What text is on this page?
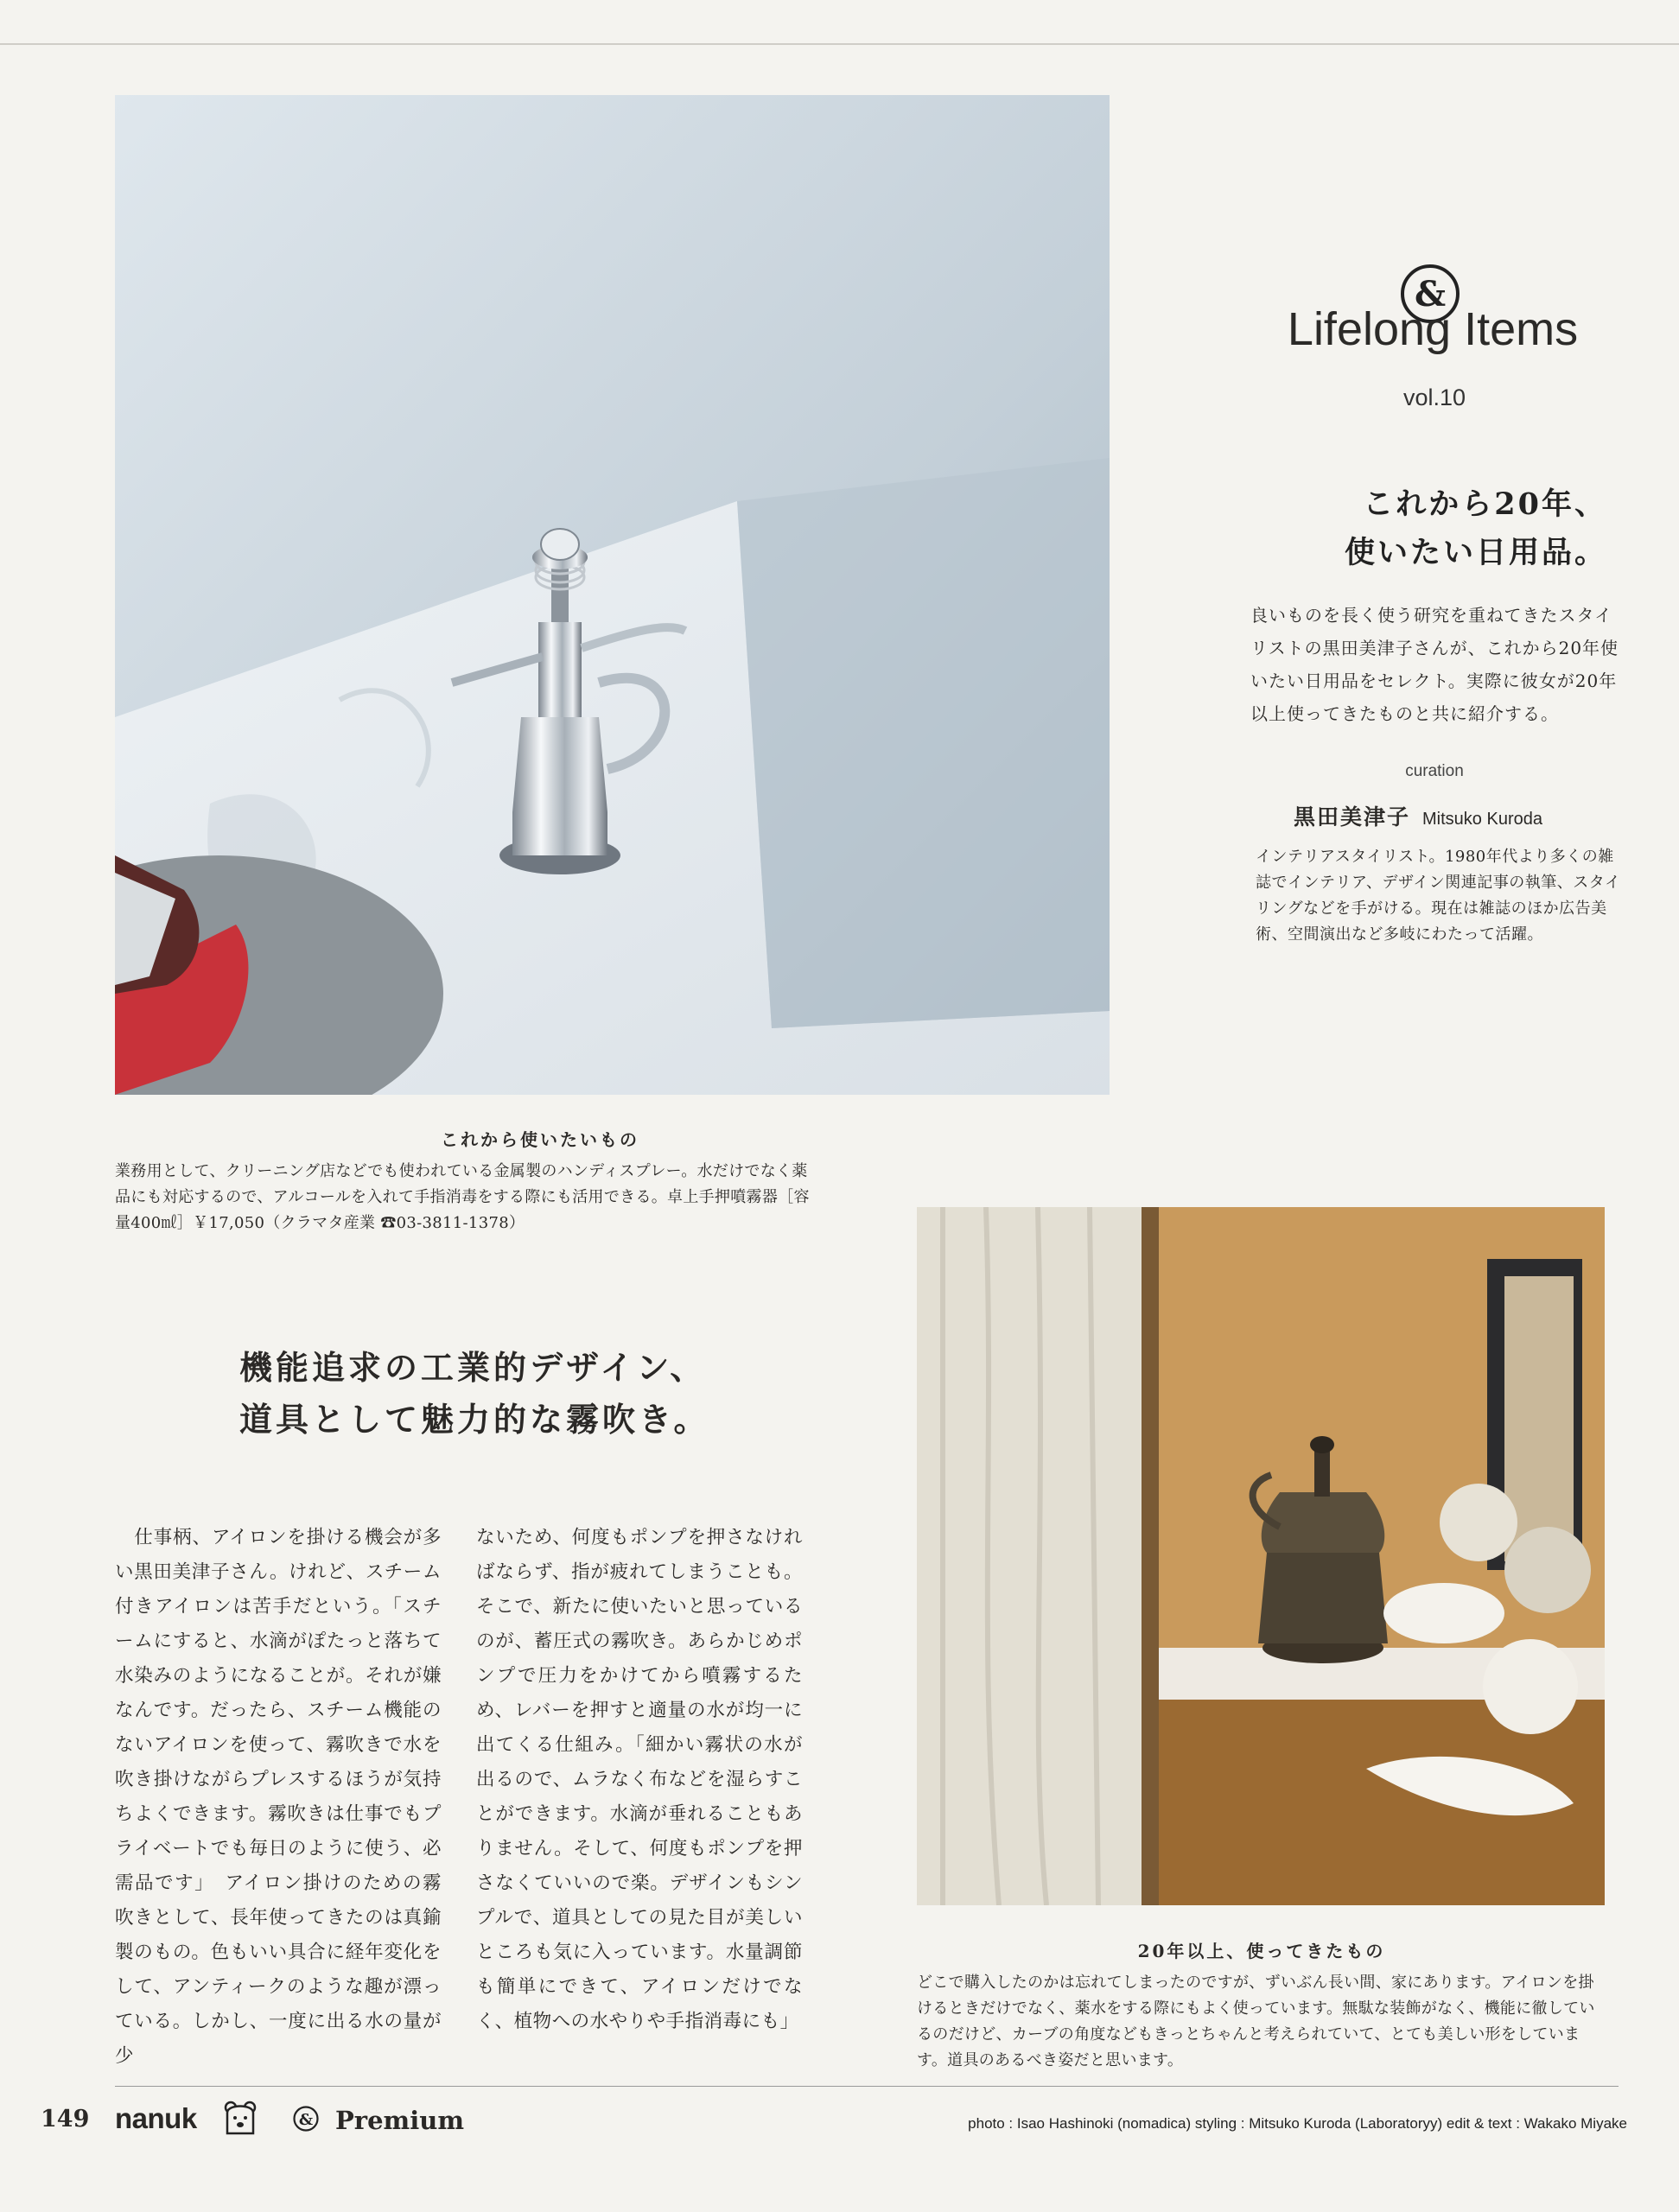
&
Lifelong Items
vol.10
これから20年、
使いたい日用品。
良いものを長く使う研究を重ねてきたスタイリストの黒田美津子さんが、これから20年使いたい日用品をセレクト。実際に彼女が20年以上使ってきたものと共に紹介する。
curation
黒田美津子 Mitsuko Kuroda
インテリアスタイリスト。1980年代より多くの雑誌でインテリア、デザイン関連記事の執筆、スタイリングなどを手がける。現在は雑誌のほか広告美術、空間演出など多岐にわたって活躍。
これから使いたいもの
業務用として、クリーニング店などでも使われている金属製のハンディスプレー。水だけでなく薬品にも対応するので、アルコールを入れて手指消毒をする際にも活用できる。卓上手押噴霧器［容量400㎖］￥17,050（クラマタ産業 ☎03-3811-1378）
機能追求の工業的デザイン、
道具として魅力的な霧吹き。
　仕事柄、アイロンを掛ける機会が多い黒田美津子さん。けれど、スチーム付きアイロンは苦手だという。「スチームにすると、水滴がぽたっと落ちて水染みのようになることが。それが嫌なんです。だったら、スチーム機能のないアイロンを使って、霧吹きで水を吹き掛けながらプレスするほうが気持ちよくできます。霧吹きは仕事でもプライベートでも毎日のように使う、必需品です」　アイロン掛けのための霧吹きとして、長年使ってきたのは真鍮製のもの。色もいい具合に経年変化をして、アンティークのような趣が漂っている。しかし、一度に出る水の量が少
ないため、何度もポンプを押さなければならず、指が疲れてしまうことも。そこで、新たに使いたいと思っているのが、蓄圧式の霧吹き。あらかじめポンプで圧力をかけてから噴霧するため、レバーを押すと適量の水が均一に出てくる仕組み。「細かい霧状の水が出るので、ムラなく布などを湿らすことができます。水滴が垂れることもありません。そして、何度もポンプを押さなくていいので楽。デザインもシンプルで、道具としての見た目が美しいところも気に入っています。水量調節も簡単にできて、アイロンだけでなく、植物への水やりや手指消毒にも」
20年以上、使ってきたもの
どこで購入したのかは忘れてしまったのですが、ずいぶん長い間、家にあります。アイロンを掛けるときだけでなく、薬水をする際にもよく使っています。無駄な装飾がなく、機能に徹しているのだけど、カーブの角度などもきっとちゃんと考えられていて、とても美しい形をしています。道具のあるべき姿だと思います。
149 nanuk	& Premium	photo : Isao Hashinoki (nomadica) styling : Mitsuko Kuroda (Laboratoryy) edit & text : Wakako Miyake
